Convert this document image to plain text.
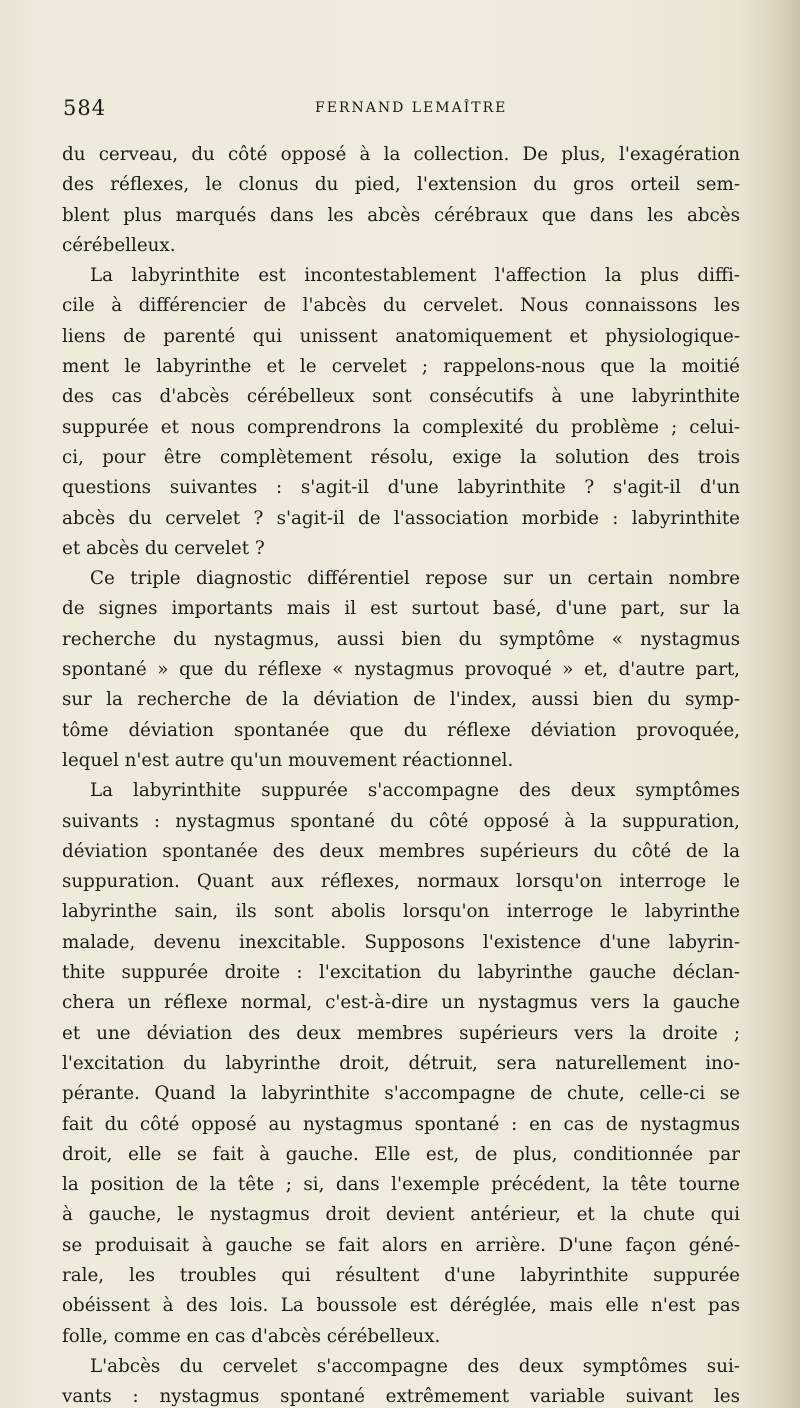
584	FERNAND LEMAÎTRE
du cerveau, du côté opposé à la collection. De plus, l'exagération
des réflexes, le clonus du pied, l'extension du gros orteil sem-
blent plus marqués dans les abcès cérébraux que dans les abcès
cérébelleux.
La labyrinthite est incontestablement l'affection la plus diffi-
cile à différencier de l'abcès du cervelet. Nous connaissons les
liens de parenté qui unissent anatomiquement et physiologique-
ment le labyrinthe et le cervelet ; rappelons-nous que la moitié
des cas d'abcès cérébelleux sont consécutifs à une labyrinthite
suppurée et nous comprendrons la complexité du problème ; celui-
ci, pour être complètement résolu, exige la solution des trois
questions suivantes : s'agit-il d'une labyrinthite ? s'agit-il d'un
abcès du cervelet ? s'agit-il de l'association morbide : labyrinthite
et abcès du cervelet ?
Ce triple diagnostic différentiel repose sur un certain nombre
de signes importants mais il est surtout basé, d'une part, sur la
recherche du nystagmus, aussi bien du symptôme « nystagmus
spontané » que du réflexe « nystagmus provoqué » et, d'autre part,
sur la recherche de la déviation de l'index, aussi bien du symp-
tôme déviation spontanée que du réflexe déviation provoquée,
lequel n'est autre qu'un mouvement réactionnel.
La labyrinthite suppurée s'accompagne des deux symptômes
suivants : nystagmus spontané du côté opposé à la suppuration,
déviation spontanée des deux membres supérieurs du côté de la
suppuration. Quant aux réflexes, normaux lorsqu'on interroge le
labyrinthe sain, ils sont abolis lorsqu'on interroge le labyrinthe
malade, devenu inexcitable. Supposons l'existence d'une labyrin-
thite suppurée droite : l'excitation du labyrinthe gauche déclan-
chera un réflexe normal, c'est-à-dire un nystagmus vers la gauche
et une déviation des deux membres supérieurs vers la droite ;
l'excitation du labyrinthe droit, détruit, sera naturellement ino-
pérante. Quand la labyrinthite s'accompagne de chute, celle-ci se
fait du côté opposé au nystagmus spontané : en cas de nystagmus
droit, elle se fait à gauche. Elle est, de plus, conditionnée par
la position de la tête ; si, dans l'exemple précédent, la tête tourne
à gauche, le nystagmus droit devient antérieur, et la chute qui
se produisait à gauche se fait alors en arrière. D'une façon géné-
rale, les troubles qui résultent d'une labyrinthite suppurée
obéissent à des lois. La boussole est déréglée, mais elle n'est pas
folle, comme en cas d'abcès cérébelleux.
L'abcès du cervelet s'accompagne des deux symptômes sui-
vants : nystagmus spontané extrêmement variable suivant les
